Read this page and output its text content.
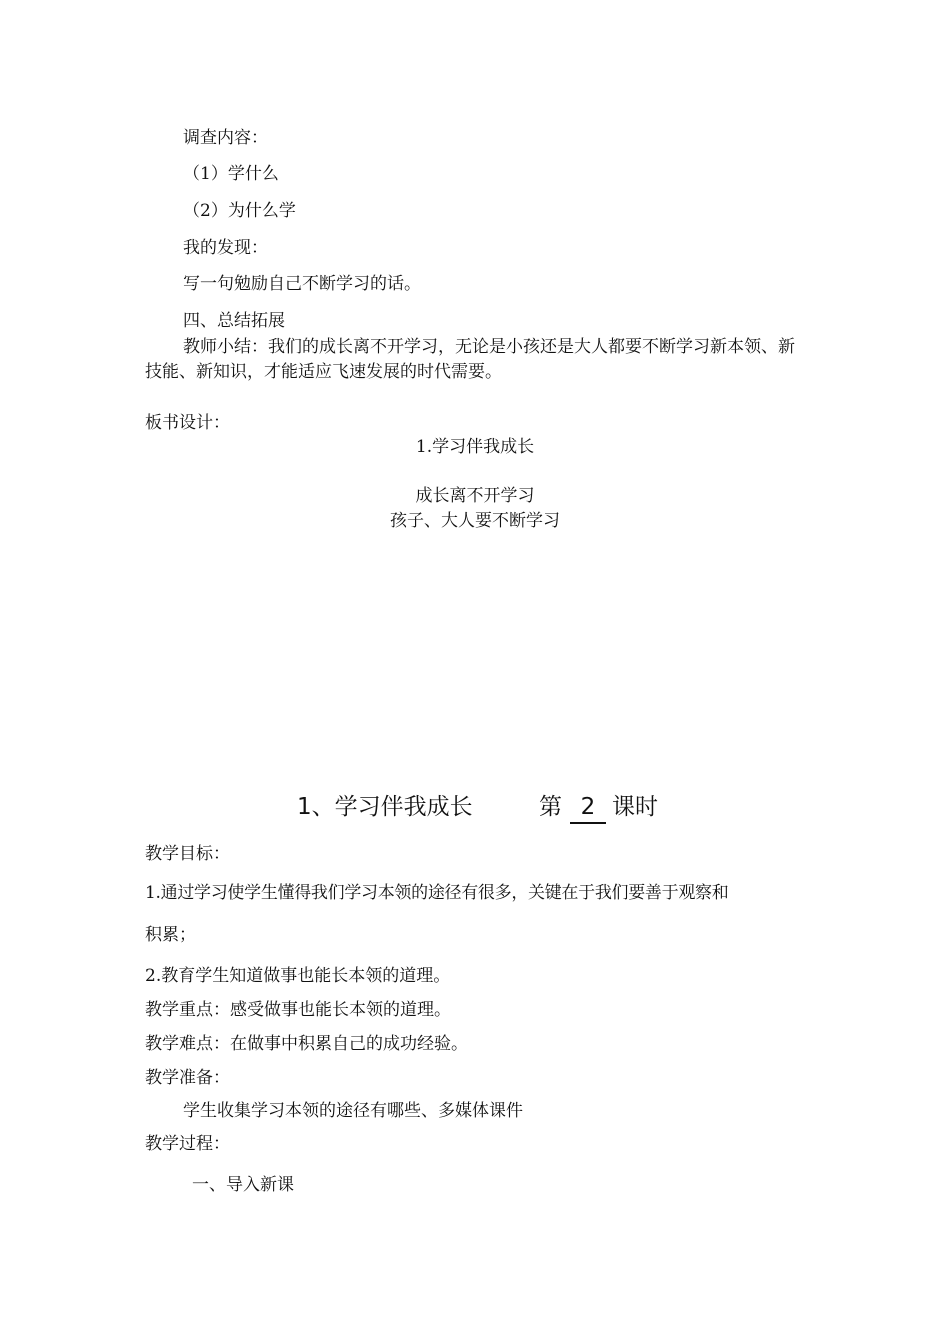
调查内容：
（1）学什么
（2）为什么学
我的发现：
写一句勉励自己不断学习的话。
四、总结拓展
教师小结：我们的成长离不开学习，无论是小孩还是大人都要不断学习新本领、新技能、新知识，才能适应飞速发展的时代需要。
板书设计：
1.学习伴我成长
成长离不开学习
孩子、大人要不断学习
1、学习伴我成长	第 2 课时
教学目标：
1.通过学习使学生懂得我们学习本领的途径有很多，关键在于我们要善于观察和
积累；
2.教育学生知道做事也能长本领的道理。
教学重点：感受做事也能长本领的道理。
教学难点：在做事中积累自己的成功经验。
教学准备：
学生收集学习本领的途径有哪些、多媒体课件
教学过程：
一、导入新课
